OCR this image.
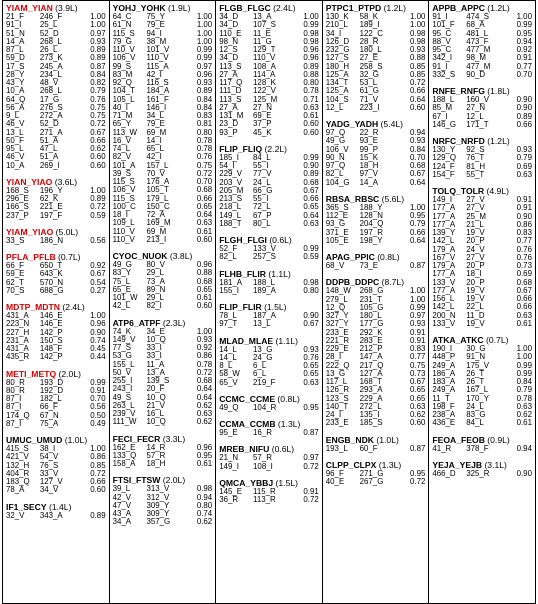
YIAM_YIAN (3.9L)
21_F	246_F	1.00
91_I	25_L	1.00
51_N	52_D	0.97
14_A	268_L	0.93
87_L	26_L	0.89
59_D	273_K	0.89
17_S	245_A	0.87
28_Y	234_L	0.84
43_Y	48_V	0.82
10_A	268_L	0.79
64_Q	17_G	0.76
56_A	276_S	0.75
9_L	272_A	0.75
46_V	52_D	0.72
13_L	271_A	0.67
50_F	51_A	0.66
95_L	47_L	0.62
46_V	51_A	0.60
10_A	269_I	0.60
YIAN_YIAO (3.6L)
168_S	196_Y	1.00
296_E	62_K	0.89
166_S	221_E	0.72
237_P	197_F	0.59
YIAM_YIAO (5.0L)
33_S	186_N	0.56
PFLA_PFLB (0.7L)
66_F	650_T	0.92
59_E	643_K	0.67
62_T	570_N	0.54
70_S	688_G	0.27
MDTP_MDTN (2.4L)
431_A	146_E	1.00
223_N	146_E	0.96
227_H	142_P	0.90
231_A	150_S	0.74
431_A	148_F	0.45
435_R	142_P	0.44
METI_METQ (2.0L)
80_R	193_D	0.99
80_R	192_D	0.91
87_I	182_L	0.70
87_I	66_F	0.56
174_Q	67_N	0.50
87_I	75_A	0.49
UMUC_UMUD (1.0L)
415_S	38_I	1.00
421_V	54_V	0.86
132_H	76_S	0.85
404_R	33_V	0.72
183_Q	127_V	0.66
78_A	34_V	0.60
IF1_SECY (1.4L)
32_V	343_A	0.89
YOHJ_YOHK (1.9L)
64_C	75_Y	1.00
61_N	79_E	1.00
115_S	94_I	1.00
79_G	38_M	1.00
110_V	101_V	0.99
106_V	110_V	0.99
99_S	115_A	0.97
83_M	42_I	0.96
92_Q	116_S	0.93
104_T	184_A	0.89
105_L	161_F	0.84
40_I	146_I	0.84
71_M	34_L	0.83
65_Y	79_E	0.81
113_W	69_M	0.80
16_V	14_I	0.78
74_L	65_L	0.78
82_V	42_I	0.76
101_A	157_L	0.75
39_S	70_V	0.72
115_S	176_A	0.70
106_V	105_T	0.68
115_S	179_L	0.66
100_C	150_C	0.65
18_I	72_A	0.64
109_L	169_M	0.63
110_V	69_M	0.61
110_V	213_I	0.60
CYOC_NUOK (3.8L)
49_G	80_V	0.96
83_Y	29_L	0.88
75_L	73_A	0.68
65_E	89_N	0.65
101_W	29_L	0.61
42_L	82_I	0.60
ATP6_ATPF (2.3L)
74_K	34_E	1.00
149_V	10_Q	0.93
77_S	33_I	0.92
53_G	33_I	0.86
155_L	11_A	0.78
50_V	13_A	0.72
255_I	139_S	0.68
243_I	20_F	0.64
49_S	10_Q	0.64
263_L	21_V	0.62
239_V	16_L	0.63
111_W	10_Q	0.62
FECI_FECR (3.3L)
162_E	14_R	0.96
133_Q	57_R	0.95
158_A	18_H	0.61
FTSI_FTSW (2.0L)
39_L	313_V	0.98
42_V	312_V	0.94
47_V	309_Y	0.80
43_A	309_Y	0.74
34_A	357_G	0.62
FLGB_FLGC (2.4L)
34_D	13_A	1.00
34_D	107_S	0.99
110_E	11_E	0.98
98_N	11_G	0.98
12_S	129_T	0.96
34_D	110_V	0.96
113_S	108_A	0.89
27_A	114_A	0.88
117_Q	128_K	0.80
111_D	122_V	0.78
113_S	125_M	0.71
27_A	27_N	0.63
131_M	69_E	0.61
23_D	37_P	0.60
93_P	45_K	0.60
FLIP_FLIQ (2.2L)
185_I	84_L	0.99
54_I	55_I	0.90
229_V	77_V	0.89
203_V	24_L	0.68
205_M	66_G	0.67
213_S	55_I	0.66
218_L	72_L	0.65
149_L	67_P	0.64
188_T	80_L	0.63
FLGH_FLGI (0.6L)
52_F	133_V	0.99
82_L	257_S	0.59
FLHB_FLIR (1.1L)
181_A	188_L	0.98
155_I	189_A	0.80
FLIP_FLIR (1.5L)
78_L	187_A	0.90
97_T	13_L	0.67
MLAD_MLAE (1.1L)
14_L	13_G	0.93
14_L	24_G	0.76
8_L	6_L	0.65
58_W	6_L	0.65
65_V	219_F	0.63
CCMC_CCME (0.8L)
49_Q	104_R	0.95
CCMA_CCMB (1.3L)
95_E	16_R	0.87
MREB_NIFU (0.6L)
21_N	57_R	0.97
149_I	108_I	0.72
QMCA_YBBJ (1.5L)
145_E	115_R	0.91
36_R	113_R	0.72
PTPC1_PTPD (1.2L)
130_K	58_K	1.00
210_L	189_I	1.00
34_I	122_C	0.98
126_D	28_R	0.98
232_G	180_L	0.93
127_S	27_E	0.88
180_H	258_S	0.85
125_A	32_G	0.85
134_T	53_L	0.72
125_A	61_G	0.66
104_S	71_V	0.64
12_L	223_I	0.60
YADG_YADH (5.4L)
97_Q	22_R	0.94
49_G	93_E	0.93
106_V	99_P	0.84
90_N	15_K	0.70
97_Q	18_H	0.68
82_L	97_V	0.67
104_G	14_A	0.64
RBSA_RBSC (5.6L)
365_S	188_Y	1.00
112_E	128_N	0.95
93_G	204_Q	0.79
371_E	197_R	0.66
105_E	198_Y	0.64
APAG_PPIC (0.8L)
68_V	73_E	0.87
DDPB_DDPC (8.7L)
148_W	268_G	1.00
279_L	231_T	1.00
12_Q	105_G	0.99
327_Y	180_L	0.97
327_Y	177_G	0.93
233_E	292_K	0.91
221_R	283_E	0.91
229_E	212_P	0.83
28_I	147_A	0.77
222_Q	217_Q	0.75
13_G	127_A	0.73
117_L	168_T	0.67
126_R	293_A	0.65
123_S	229_A	0.65
140_T	272_L	0.63
24_I	135_I	0.62
233_E	185_S	0.60
ENGB_NDK (1.0L)
193_L	60_F	0.87
CLPP_CLPX (1.3L)
96_F	271_G	0.95
40_E	267_G	0.72
APPB_APPC (1.2L)
91_I	474_S	1.00
101_F	68_A	0.99
95_C	481_L	0.95
88_V	473_F	0.94
95_C	477_M	0.92
342_I	98_M	0.91
91_I	477_M	0.77
332_S	90_D	0.70
RNFE_RNFG (1.8L)
188_L	160_V	0.90
85_M	27_N	0.90
67_I	12_L	0.89
146_G	171_T	0.66
NRFC_NRFD (1.2L)
130_Y	92_S	0.93
129_Q	76_T	0.79
124_F	81_H	0.69
154_F	55_T	0.63
TOLQ_TOLR (4.9L)
149_I	27_V	0.91
177_A	27_V	0.91
177_A	25_M	0.90
177_A	21_L	0.86
139_Y	19_V	0.83
142_L	20_P	0.77
179_A	24_V	0.76
167_V	27_V	0.76
179_A	20_P	0.73
177_A	18_I	0.69
133_V	20_P	0.68
177_A	19_V	0.67
156_L	19_V	0.66
142_L	22_L	0.66
200_N	11_D	0.63
133_V	19_V	0.61
ATKA_ATKC (0.7L)
190_I	30_G	1.00
448_P	91_N	1.00
249_A	175_V	0.99
186_A	26_T	0.99
183_A	26_T	0.84
249_A	167_L	0.79
11_T	170_Y	0.78
198_F	24_L	0.63
238_A	83_G	0.62
436_E	84_L	0.61
FEOA_FEOB (0.9L)
41_R	378_F	0.94
YEJA_YEJB (3.1L)
466_D	325_R	0.90
